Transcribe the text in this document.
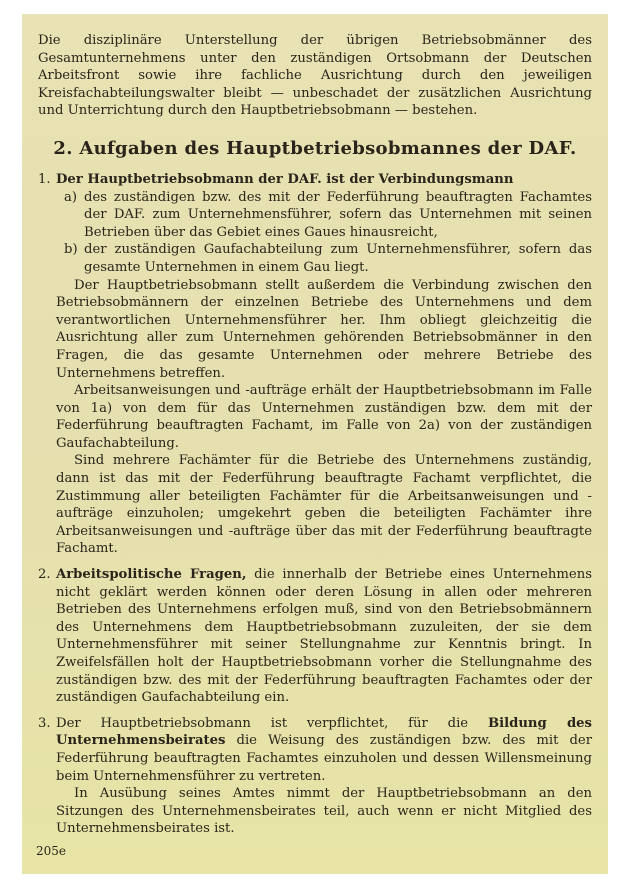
Die disziplinäre Unterstellung der übrigen Betriebsobmänner des Gesamtunternehmens unter den zuständigen Ortsobmann der Deutschen Arbeitsfront sowie ihre fachliche Ausrichtung durch den jeweiligen Kreisfachabteilungswalter bleibt — unbeschadet der zusätzlichen Ausrichtung und Unterrichtung durch den Hauptbetriebsobmann — bestehen.

2. Aufgaben des Hauptbetriebsobmannes der DAF.
1. Der Hauptbetriebsobmann der DAF. ist der Verbindungsmann

a) des zuständigen bzw. des mit der Federführung beauftragten Fachamtes der DAF. zum Unternehmensführer, sofern das Unternehmen mit seinen Betrieben über das Gebiet eines Gaues hinausreicht,

b) der zuständigen Gaufachabteilung zum Unternehmensführer, sofern das gesamte Unternehmen in einem Gau liegt.

Der Hauptbetriebsobmann stellt außerdem die Verbindung zwischen den Betriebsobmännern der einzelnen Betriebe des Unternehmens und dem verantwortlichen Unternehmensführer her. Ihm obliegt gleichzeitig die Ausrichtung aller zum Unternehmen gehörenden Betriebsobmänner in den Fragen, die das gesamte Unternehmen oder mehrere Betriebe des Unternehmens betreffen.

Arbeitsanweisungen und -aufträge erhält der Hauptbetriebsobmann im Falle von 1a) von dem für das Unternehmen zuständigen bzw. dem mit der Federführung beauftragten Fachamt, im Falle von 2a) von der zuständigen Gaufachabteilung.

Sind mehrere Fachämter für die Betriebe des Unternehmens zuständig, dann ist das mit der Federführung beauftragte Fachamt verpflichtet, die Zustimmung aller beteiligten Fachämter für die Arbeitsanweisungen und -aufträge einzuholen; umgekehrt geben die beteiligten Fachämter ihre Arbeitsanweisungen und -aufträge über das mit der Federführung beauftragte Fachamt.

2. Arbeitspolitische Fragen, die innerhalb der Betriebe eines Unternehmens nicht geklärt werden können oder deren Lösung in allen oder mehreren Betrieben des Unternehmens erfolgen muß, sind von den Betriebsobmännern des Unternehmens dem Hauptbetriebsobmann zuzuleiten, der sie dem Unternehmensführer mit seiner Stellungnahme zur Kenntnis bringt. In Zweifelsfällen holt der Hauptbetriebsobmann vorher die Stellungnahme des zuständigen bzw. des mit der Federführung beauftragten Fachamtes oder der zuständigen Gaufachabteilung ein.

3. Der Hauptbetriebsobmann ist verpflichtet, für die Bildung des Unternehmensbeirates die Weisung des zuständigen bzw. des mit der Federführung beauftragten Fachamtes einzuholen und dessen Willensmeinung beim Unternehmensführer zu vertreten.

In Ausübung seines Amtes nimmt der Hauptbetriebsobmann an den Sitzungen des Unternehmensbeirates teil, auch wenn er nicht Mitglied des Unternehmensbeirates ist.

205e
